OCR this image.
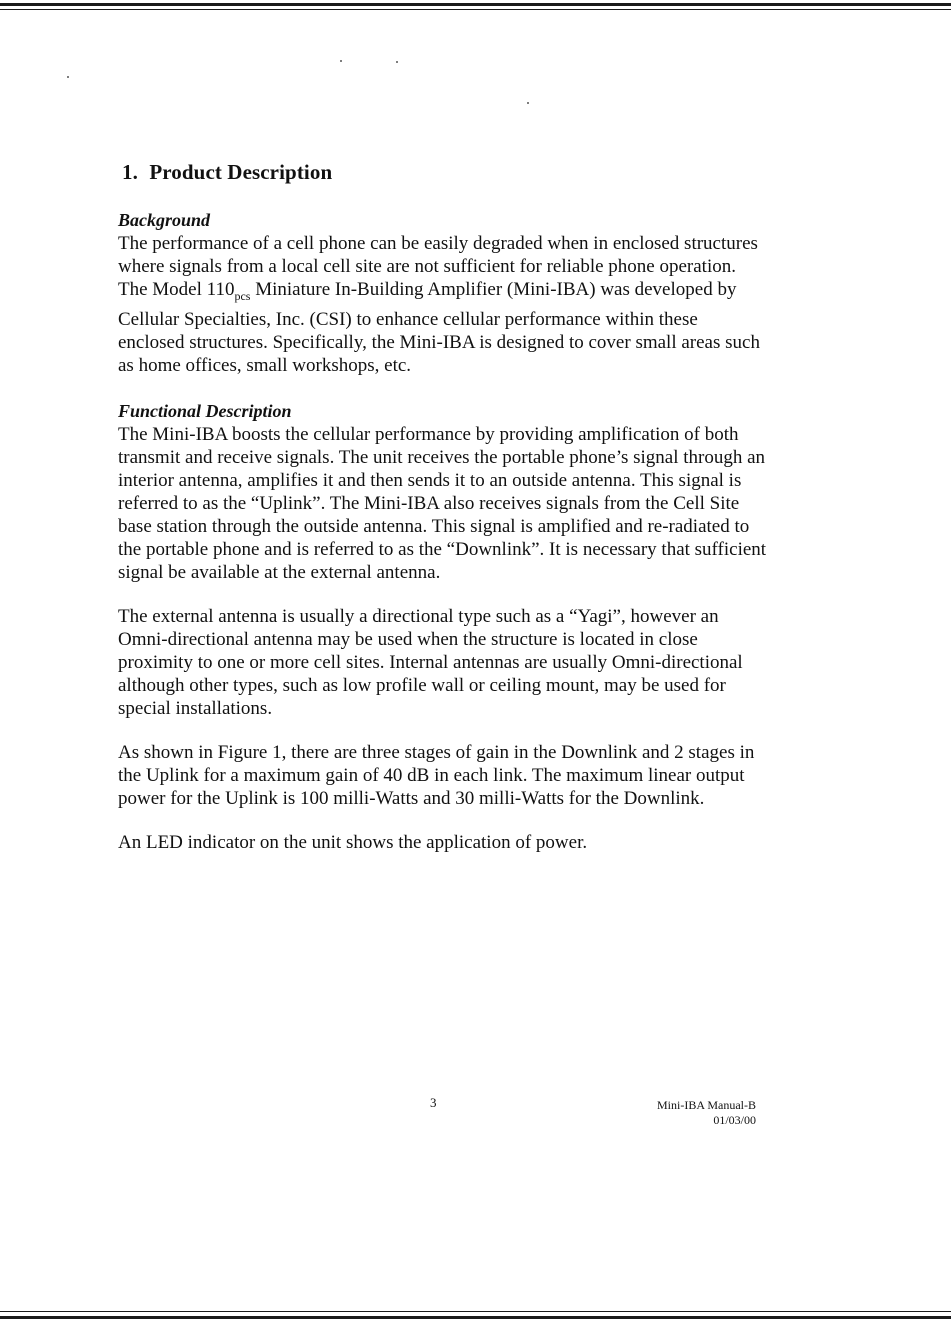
1. Product Description
Background

The performance of a cell phone can be easily degraded when in enclosed structures where signals from a local cell site are not sufficient for reliable phone operation. The Model $110_{pcs}$ Miniature In-Building Amplifier (Mini-IBA) was developed by Cellular Specialties, Inc. (CSI) to enhance cellular performance within these enclosed structures. Specifically, the Mini-IBA is designed to cover small areas such as home offices, small workshops, etc.

Functional Description

The Mini-IBA boosts the cellular performance by providing amplification of both transmit and receive signals. The unit receives the portable phone’s signal through an interior antenna, amplifies it and then sends it to an outside antenna. This signal is referred to as the “Uplink”. The Mini-IBA also receives signals from the Cell Site base station through the outside antenna. This signal is amplified and re-radiated to the portable phone and is referred to as the “Downlink”. It is necessary that sufficient signal be available at the external antenna.

The external antenna is usually a directional type such as a “Yagi”, however an Omni-directional antenna may be used when the structure is located in close proximity to one or more cell sites. Internal antennas are usually Omni-directional although other types, such as low profile wall or ceiling mount, may be used for special installations.

As shown in Figure 1, there are three stages of gain in the Downlink and 2 stages in the Uplink for a maximum gain of 40 dB in each link. The maximum linear output power for the Uplink is 100 milli-Watts and 30 milli-Watts for the Downlink.

An LED indicator on the unit shows the application of power.

3	Mini-IBA Manual-B
01/03/00
